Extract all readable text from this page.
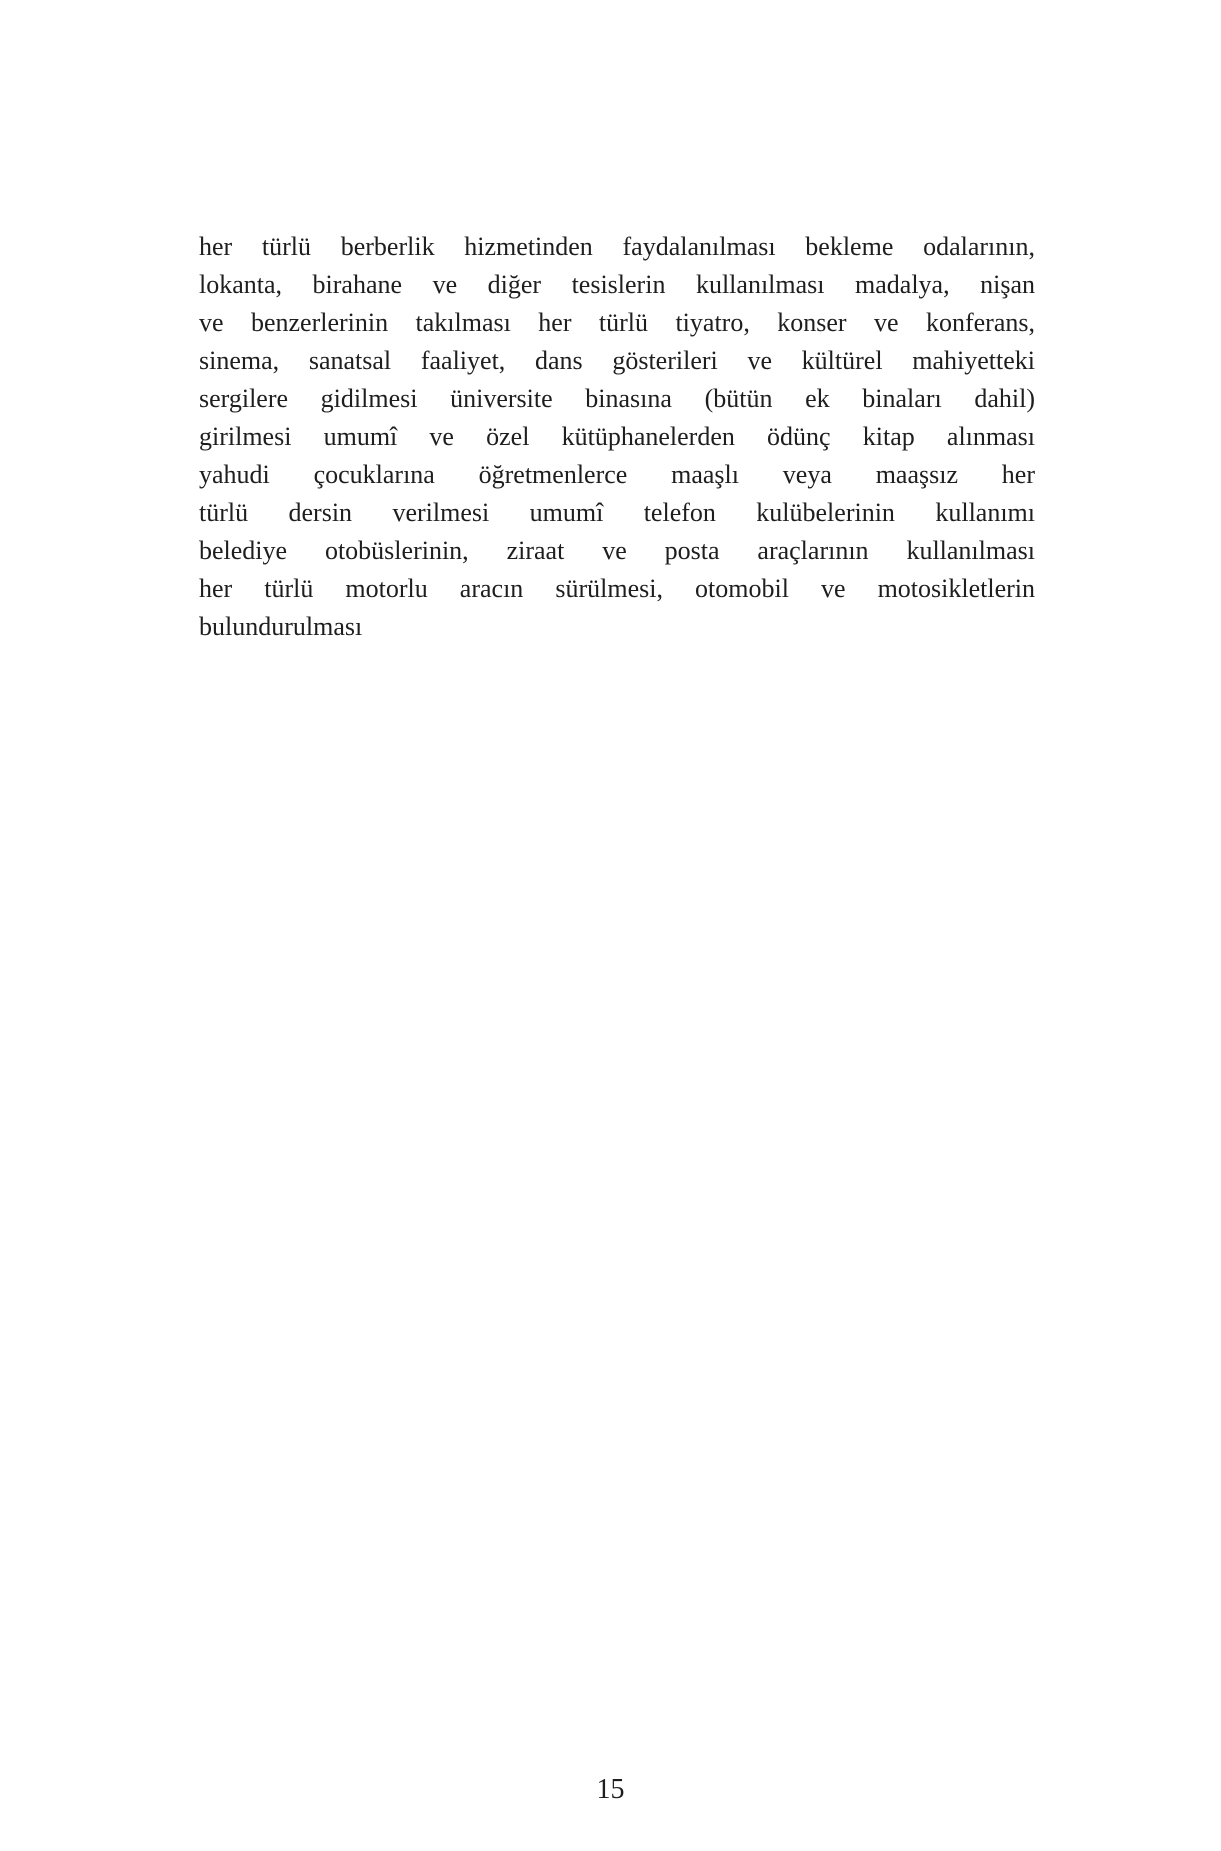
her türlü berberlik hizmetinden faydalanılması bekleme odalarının,
lokanta, birahane ve diğer tesislerin kullanılması madalya, nişan
ve benzerlerinin takılması her türlü tiyatro, konser ve konferans,
sinema, sanatsal faaliyet, dans gösterileri ve kültürel mahiyetteki
sergilere gidilmesi üniversite binasına (bütün ek binaları dahil)
girilmesi umumî ve özel kütüphanelerden ödünç kitap alınması
yahudi çocuklarına öğretmenlerce maaşlı veya maaşsız her
türlü dersin verilmesi umumî telefon kulübelerinin kullanımı
belediye otobüslerinin, ziraat ve posta araçlarının kullanılması
her türlü motorlu aracın sürülmesi, otomobil ve motosikletlerin
bulundurulması
15
